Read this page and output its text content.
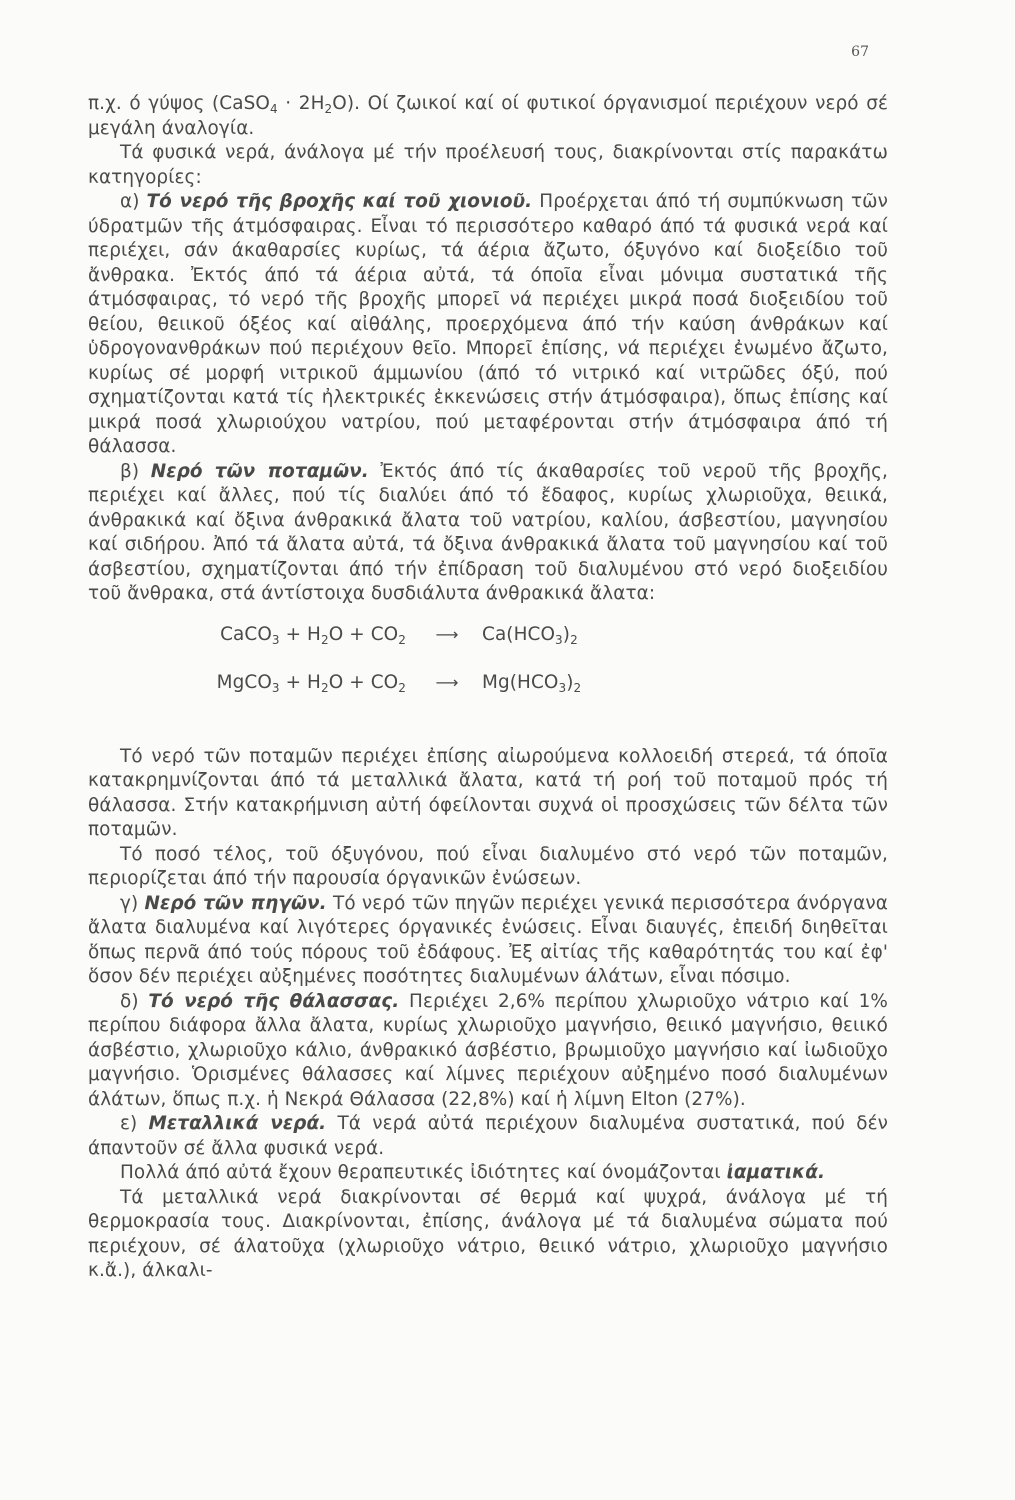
67

π.χ. ό γύψος (CaSO$_4$ · $2H_2O$). Οί ζωικοί καί οί φυτικοί όργανισμοί περιέχουν νερό σέ μεγάλη άναλογία.

Τά φυσικά νερά, άνάλογα μέ τήν προέλευσή τους, διακρίνονται στίς παρακάτω κατηγορίες:

α) Τό νερό τῆς βροχῆς καί τοῦ χιονιοῦ. Προέρχεται άπό τή συμπύκνωση τῶν ύδρατμῶν τῆς άτμόσφαιρας. Εἶναι τό περισσότερο καθαρό άπό τά φυσικά νερά καί περιέχει, σάν άκαθαρσίες κυρίως, τά άέρια ἄζωτο, όξυγόνο καί διοξείδιο τοῦ ἄνθρακα. Ἐκτός άπό τά άέρια αὐτά, τά όποῖα εἶναι μόνιμα συστατικά τῆς άτμόσφαιρας, τό νερό τῆς βροχῆς μπορεῖ νά περιέχει μικρά ποσά διοξειδίου τοῦ θείου, θειικοῦ όξέος καί αἰθάλης, προερχόμενα άπό τήν καύση άνθράκων καί ὑδρογονανθράκων πού περιέχουν θεῖο. Μπορεῖ ἐπίσης, νά περιέχει ἐνωμένο ἄζωτο, κυρίως σέ μορφή νιτρικοῦ άμμωνίου (άπό τό νιτρικό καί νιτρῶδες όξύ, πού σχηματίζονται κατά τίς ἠλεκτρικές ἐκκενώσεις στήν άτμόσφαιρα), ὅπως ἐπίσης καί μικρά ποσά χλωριούχου νατρίου, πού μεταφέρονται στήν άτμόσφαιρα άπό τή θάλασσα.

β) Νερό τῶν ποταμῶν. Ἐκτός άπό τίς άκαθαρσίες τοῦ νεροῦ τῆς βροχῆς, περιέχει καί ἄλλες, πού τίς διαλύει άπό τό ἔδαφος, κυρίως χλωριοῦχα, θειικά, άνθρακικά καί ὄξινα άνθρακικά ἄλατα τοῦ νατρίου, καλίου, άσβεστίου, μαγνησίου καί σιδήρου. Ἀπό τά ἄλατα αὐτά, τά ὄξινα άνθρακικά ἄλατα τοῦ μαγνησίου καί τοῦ άσβεστίου, σχηματίζονται άπό τήν ἐπίδραση τοῦ διαλυμένου στό νερό διοξειδίου τοῦ ἄνθρακα, στά άντίστοιχα δυσδιάλυτα άνθρακικά ἄλατα:

CaCO$_3$ + $H_2O + CO_2$	⟶	$Ca(HCO_3)_2$
MgCO$_3$ + $H_2O + CO_2$	⟶	$Mg(HCO_3)_2$

Τό νερό τῶν ποταμῶν περιέχει ἐπίσης αἰωρούμενα κολλοειδή στερεά, τά όποῖα κατακρημνίζονται άπό τά μεταλλικά ἄλατα, κατά τή ροή τοῦ ποταμοῦ πρός τή θάλασσα. Στήν κατακρήμνιση αὐτή όφείλονται συχνά οἱ προσχώσεις τῶν δέλτα τῶν ποταμῶν.

Τό ποσό τέλος, τοῦ όξυγόνου, πού εἶναι διαλυμένο στό νερό τῶν ποταμῶν, περιορίζεται άπό τήν παρουσία όργανικῶν ἐνώσεων.

γ) Νερό τῶν πηγῶν. Τό νερό τῶν πηγῶν περιέχει γενικά περισσότερα άνόργανα ἄλατα διαλυμένα καί λιγότερες όργανικές ἐνώσεις. Εἶναι διαυγές, ἐπειδή διηθεῖται ὅπως περνᾶ άπό τούς πόρους τοῦ ἐδάφους. Ἐξ αἰτίας τῆς καθαρότητάς του καί ἐφ' ὅσον δέν περιέχει αὐξημένες ποσότητες διαλυμένων άλάτων, εἶναι πόσιμο.

δ) Τό νερό τῆς θάλασσας. Περιέχει 2,6% περίπου χλωριοῦχο νάτριο καί 1% περίπου διάφορα ἄλλα ἄλατα, κυρίως χλωριοῦχο μαγνήσιο, θειικό μαγνήσιο, θειικό άσβέστιο, χλωριοῦχο κάλιο, άνθρακικό άσβέστιο, βρωμιοῦχο μαγνήσιο καί ἰωδιοῦχο μαγνήσιο. Ὁρισμένες θάλασσες καί λίμνες περιέχουν αὐξημένο ποσό διαλυμένων άλάτων, ὅπως π.χ. ἡ Νεκρά Θάλασσα (22,8%) καί ἡ λίμνη Elton (27%).

ε) Μεταλλικά νερά. Τά νερά αὐτά περιέχουν διαλυμένα συστατικά, πού δέν άπαντοῦν σέ ἄλλα φυσικά νερά.

Πολλά άπό αὐτά ἔχουν θεραπευτικές ἰδιότητες καί όνομάζονται ἰαματικά.

Τά μεταλλικά νερά διακρίνονται σέ θερμά καί ψυχρά, άνάλογα μέ τή θερμοκρασία τους. Διακρίνονται, ἐπίσης, άνάλογα μέ τά διαλυμένα σώματα πού περιέχουν, σέ άλατοῦχα (χλωριοῦχο νάτριο, θειικό νάτριο, χλωριοῦχο μαγνήσιο κ.ἄ.), άλκαλι-
